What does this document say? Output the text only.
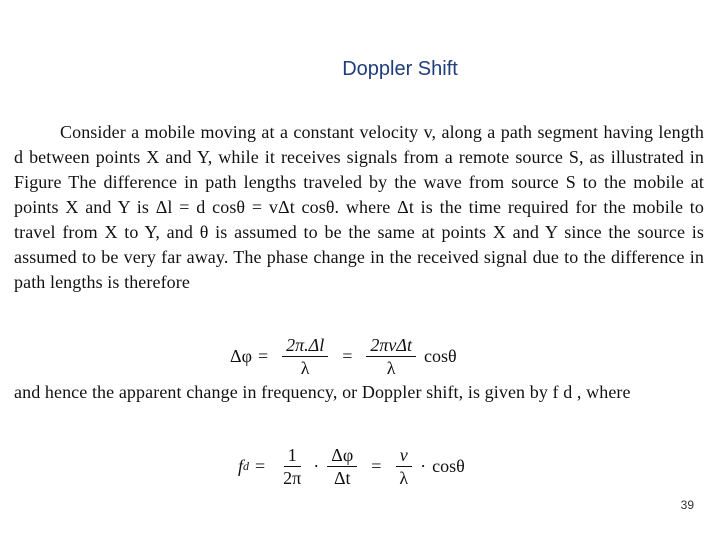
Doppler Shift
Consider a mobile moving at a constant velocity v, along a path segment having length d between points X and Y, while it receives signals from a remote source S, as illustrated in Figure The difference in path lengths traveled by the wave from source S to the mobile at points X and Y is Δl = d cosθ = vΔt cosθ. where Δt is the time required for the mobile to travel from X to Y, and θ is assumed to be the same at points X and Y since the source is assumed to be very far away. The phase change in the received signal due to the difference in path lengths is therefore
$\Delta\varphi = \frac{2\pi.\Delta l}{\lambda} = \frac{\text{2πvΔt}}{\lambda}$ cosθ
and hence the apparent change in frequency, or Doppler shift, is given by f d , where
f $d = \frac{1}{2\pi} \cdot \frac{\Delta\varphi}{\Delta t} = \frac{v}{\lambda} \cdot \cos\theta$
39
